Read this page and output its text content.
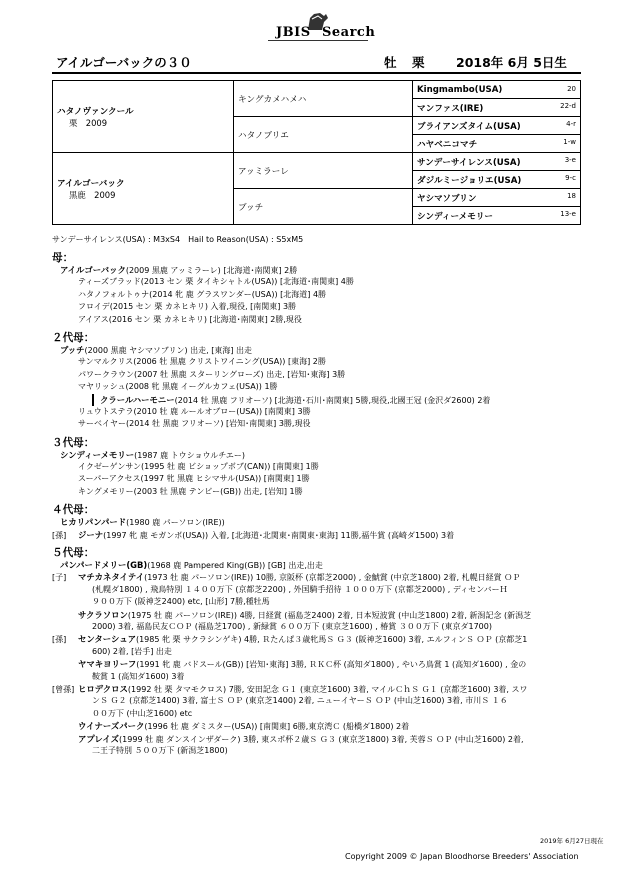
JBIS Search
アイルゴーバックの３０	牡 栗	2018年 6月 5日生
ハタノヴァンクール
栗　2009	キングカメハメハ	Kingmambo(USA) 20

		マンファス(IRE) 22-d

	ハタノブリエ	ブライアンズタイム(USA) 4-r

		ハヤベニコマチ 1-w

アイルゴーバック
黒鹿　2009	アッミラーレ	サンデーサイレンス(USA) 3-e

		ダジルミージョリエ(USA) 9-c

	ブッチ	ヤシマソブリン 18

		シンディーメモリー 13-e
サンデーサイレンス(USA) : M3xS4　Hail to Reason(USA) : S5xM5
母：
アイルゴーバック(2009 黒鹿 アッミラーレ) [北海道･南関東] 2勝
ティーズブラッド(2013 セン 栗 タイキシャトル(USA)) [北海道･南関東] 4勝
ハタノフォルトゥナ(2014 牝 鹿 グラスワンダー(USA)) [北海道] 4勝
フロイデ(2015 セン 栗 カネヒキリ) 入着,現役, [南関東] 3勝
アイアス(2016 セン 栗 カネヒキリ) [北海道･南関東] 2勝,現役
２代母：
ブッチ(2000 黒鹿 ヤシマソブリン) 出走, [東海] 出走
サンマルクリス(2006 牡 黒鹿 クリストワイニング(USA)) [東海] 2勝
パワークラウン(2007 牡 黒鹿 スターリングローズ) 出走, [岩知･東海] 3勝
マヤリッシュ(2008 牝 黒鹿 イーグルカフェ(USA)) 1勝
クラールハーモニー(2014 牡 黒鹿 フリオーソ) [北海道･石川･南関東] 5勝,現役,北國王冠 (金沢ダ2600) 2着
リュウトステラ(2010 牡 鹿 ルールオブロー(USA)) [南関東] 3勝
サーベイヤー(2014 牡 黒鹿 フリオーソ) [岩知･南関東] 3勝,現役
３代母：
シンディーメモリー(1987 鹿 トウショウルチエー)
イクゼーゲンサン(1995 牡 鹿 ビショップボブ(CAN)) [南関東] 1勝
スーパーアクセス(1997 牝 黒鹿 ヒシマサル(USA)) [南関東] 1勝
キングメモリー(2003 牡 黒鹿 テンビー(GB)) 出走, [岩知] 1勝
４代母：
ヒカリパンパード(1980 鹿 パーソロン(IRE))
[孫] ジーナ(1997 牝 鹿 モガンボ(USA)) 入着, [北海道･北関東･南関東･東海] 11勝,福牛賞 (高崎ダ1500) 3着
５代母：
パンパードメリー(GB)(1968 鹿 Pampered King(GB)) [GB] 出走,出走
[子] マチカネタイテイ(1973 牡 鹿 パーソロン(IRE)) 10勝, 京阪杯 (京都芝2000) , 金鯱賞 (中京芝1800) 2着, 札幌日経賞 ＯＰ
(札幌ダ1800) , 飛鳥特別 １４００万下 (京都芝2200) , 外国騎手招待 １０００万下 (京都芝2000) , ディセンバーＨ
９００万下 (阪神芝2400) etc, [山形] 7勝,種牡馬
サクラソロン(1975 牡 鹿 パーソロン(IRE)) 4勝, 日経賞 (福島芝2400) 2着, 日本短波賞 (中山芝1800) 2着, 新潟記念 (新潟芝
2000) 3着, 福島民友ＣＯＰ (福島芝1700) , 新緑賞 ６００万下 (東京芝1600) , 椿賞 ３００万下 (東京ダ1700)
[孫] センターシュア(1985 牝 栗 サクラシンゲキ) 4勝, Ｒたんぱ３歳牝馬Ｓ Ｇ３ (阪神芝1600) 3着, エルフィンＳ ＯＰ (京都芝1
600) 2着, [岩手] 出走
ヤマキヨリーフ(1991 牝 鹿 バドスール(GB)) [岩知･東海] 3勝, ＲＫＣ杯 (高知ダ1800) , やいろ鳥賞 1 (高知ダ1600) , 金の
鞍賞 1 (高知ダ1600) 3着
[曾孫] ヒロデクロス(1992 牡 栗 タマモクロス) 7勝, 安田記念 Ｇ１ (東京芝1600) 3着, マイルＣｈＳ Ｇ１ (京都芝1600) 3着, スワ
ンＳ Ｇ２ (京都芝1400) 3着, 富士Ｓ ＯＰ (東京芝1400) 2着, ニューイヤーＳ ＯＰ (中山芝1600) 3着, 市川Ｓ １６
００万下 (中山芝1600) etc
ウイナーズパーク(1996 牡 鹿 ダミスター(USA)) [南関東] 6勝,東京湾Ｃ (船橋ダ1800) 2着
アプレイズ(1999 牡 鹿 ダンスインザダーク) 3勝, 東スポ杯２歳Ｓ Ｇ３ (東京芝1800) 3着, 芙蓉Ｓ ＯＰ (中山芝1600) 2着,
二王子特別 ５００万下 (新潟芝1800)
2019年 6月27日現在
Copyright 2009 © Japan Bloodhorse Breeders' Association
